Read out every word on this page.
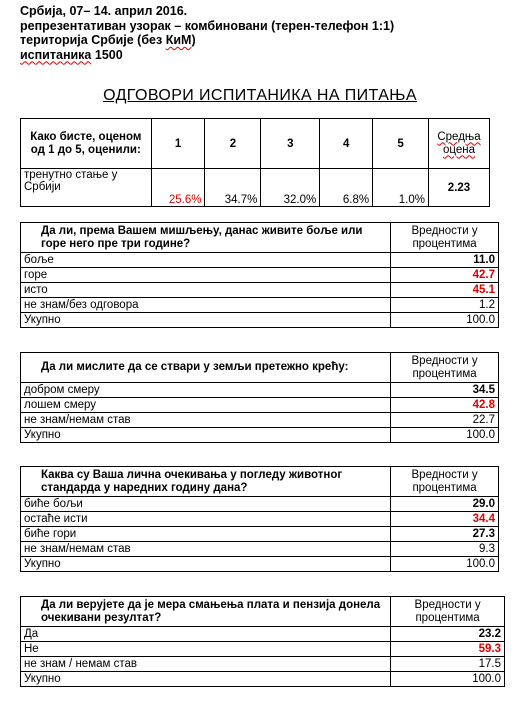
Србија, 07– 14. април 2016.
репрезентативан узорак – комбиновани (терен-телефон 1:1)
територија Србије (без КиМ)
испитаника 1500
ОДГОВОРИ ИСПИТАНИКА НА ПИТАЊА
Како бисте, оценом од 1 до 5, оценили:	1	2	3	4	5	Средња оцена
тренутно стање у Србији	25.6%	34.7%	32.0%	6.8%	1.0%	2.23
Да ли, према Вашем мишљењу, данас живите боље или горе него пре три године?	Вредности у процентима
боље	11.0
горе	42.7
исто	45.1
не знам/без одговора	1.2
Укупно	100.0
Да ли мислите да се ствари у земљи претежно крећу:	Вредности у процентима
добром смеру	34.5
лошем смеру	42.8
не знам/немам став	22.7
Укупно	100.0
Каква су Ваша лична очекивања у погледу животног стандарда у наредних годину дана?	Вредности у процентима
биће бољи	29.0
остаће исти	34.4
биће гори	27.3
не знам/немам став	9.3
Укупно	100.0
Да ли верујете да је мера смањења плата и пензија донела очекивани резултат?	Вредности у процентима
Да	23.2
Не	59.3
не знам / немам став	17.5
Укупно	100.0
